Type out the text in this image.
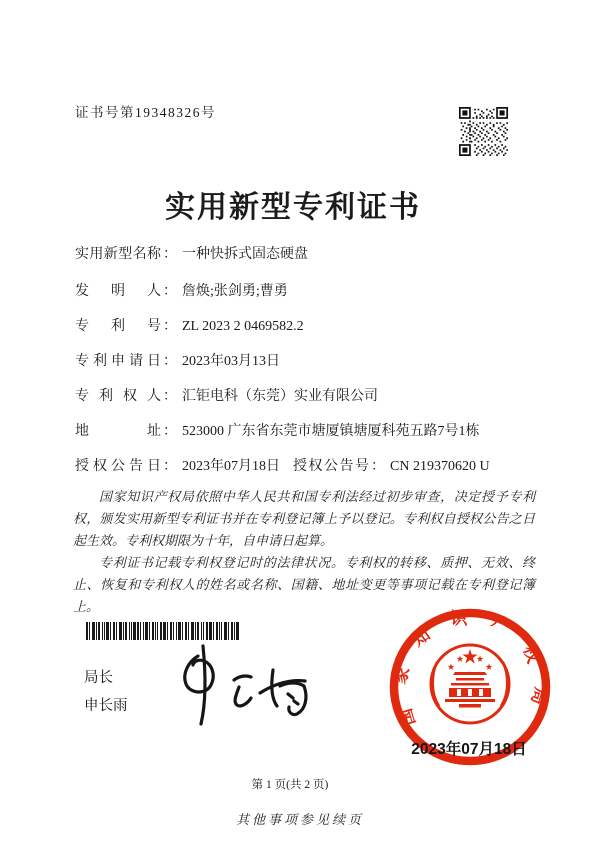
证书号第19348326号
实用新型专利证书
实用新型名称 ： 一种快拆式固态硬盘
发明人 ： 詹焕;张剑勇;曹勇
专利号 ： ZL 2023 2 0469582.2
专利申请日 ： 2023年03月13日
专利权人 ： 汇钜电科（东莞）实业有限公司
地址 ： 523000 广东省东莞市塘厦镇塘厦科苑五路7号1栋
授权公告日 ： 2023年07月18日 授权公告号 ： CN 219370620 U

国家知识产权局依照中华人民共和国专利法经过初步审查，决定授予专利权，颁发实用新型专利证书并在专利登记簿上予以登记。专利权自授权公告之日起生效。专利权期限为十年，自申请日起算。

专利证书记载专利权登记时的法律状况。专利权的转移、质押、无效、终止、恢复和专利权人的姓名或名称、国籍、地址变更等事项记载在专利登记簿上。

局长
申长雨	国家知识产权局
2023年07月18日
第 1 页(共 2 页)
其他事项参见续页
